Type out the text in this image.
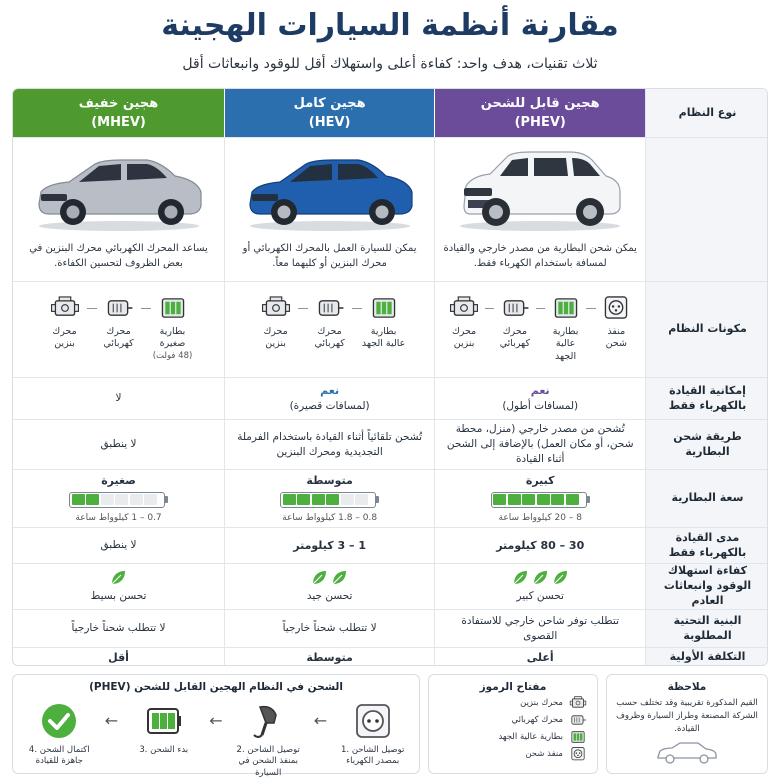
مقارنة أنظمة السيارات الهجينة
ثلاث تقنيات، هدف واحد: كفاءة أعلى واستهلاك أقل للوقود وانبعاثات أقل
نوع النظام
هجين قابل للشحن
(PHEV)
هجين كامل
(HEV)
هجين خفيف
(MHEV)
يمكن شحن البطارية من مصدر خارجي والقيادة لمسافة باستخدام الكهرباء فقط.
يمكن للسيارة العمل بالمحرك الكهربائي أو محرك البنزين أو كليهما معاً.
يساعد المحرك الكهربائي محرك البنزين في بعض الظروف لتحسين الكفاءة.
مكونات النظام
منفذ شحن
بطارية عالية الجهد
محرك كهربائي
محرك بنزين
بطارية عالية الجهد
محرك كهربائي
محرك بنزين
بطارية صغيرة
(48 فولت)
محرك كهربائي
محرك بنزين
إمكانية القيادة بالكهرباء فقط
نعم
(لمسافات أطول)
نعم
(لمسافات قصيرة)
لا
طريقة شحن البطارية
تُشحن من مصدر خارجي (منزل، محطة شحن، أو مكان العمل) بالإضافة إلى الشحن أثناء القيادة
تُشحن تلقائياً أثناء القيادة باستخدام الفرملة التجديدية ومحرك البنزين
لا ينطبق
سعة البطارية
كبيرة
8 – 20 كيلوواط ساعة
متوسطة
0.8 – 1.8 كيلوواط ساعة
صغيرة
0.7 – 1 كيلوواط ساعة
مدى القيادة بالكهرباء فقط
30 – 80 كيلومتر
1 – 3 كيلومتر
لا ينطبق
كفاءة استهلاك الوقود وانبعاثات العادم
تحسن كبير
تحسن جيد
تحسن بسيط
البنية التحتية المطلوبة
تتطلب توفر شاحن خارجي للاستفادة القصوى
لا تتطلب شحناً خارجياً
لا تتطلب شحناً خارجياً
التكلفة الأولية
أعلى
متوسطة
أقل
الشحن في النظام الهجين القابل للشحن (PHEV)
4. اكتمال الشحن جاهزة للقيادة
←
3. بدء الشحن
←
2. توصيل الشاحن بمنفذ الشحن في السيارة
←
1. توصيل الشاحن بمصدر الكهرباء
مفتاح الرموز
محرك بنزين
محرك كهربائي
بطارية عالية الجهد
منفذ شحن
ملاحظة
القيم المذكورة تقريبية وقد تختلف حسب الشركة المصنعة وطراز السيارة وظروف القيادة.
